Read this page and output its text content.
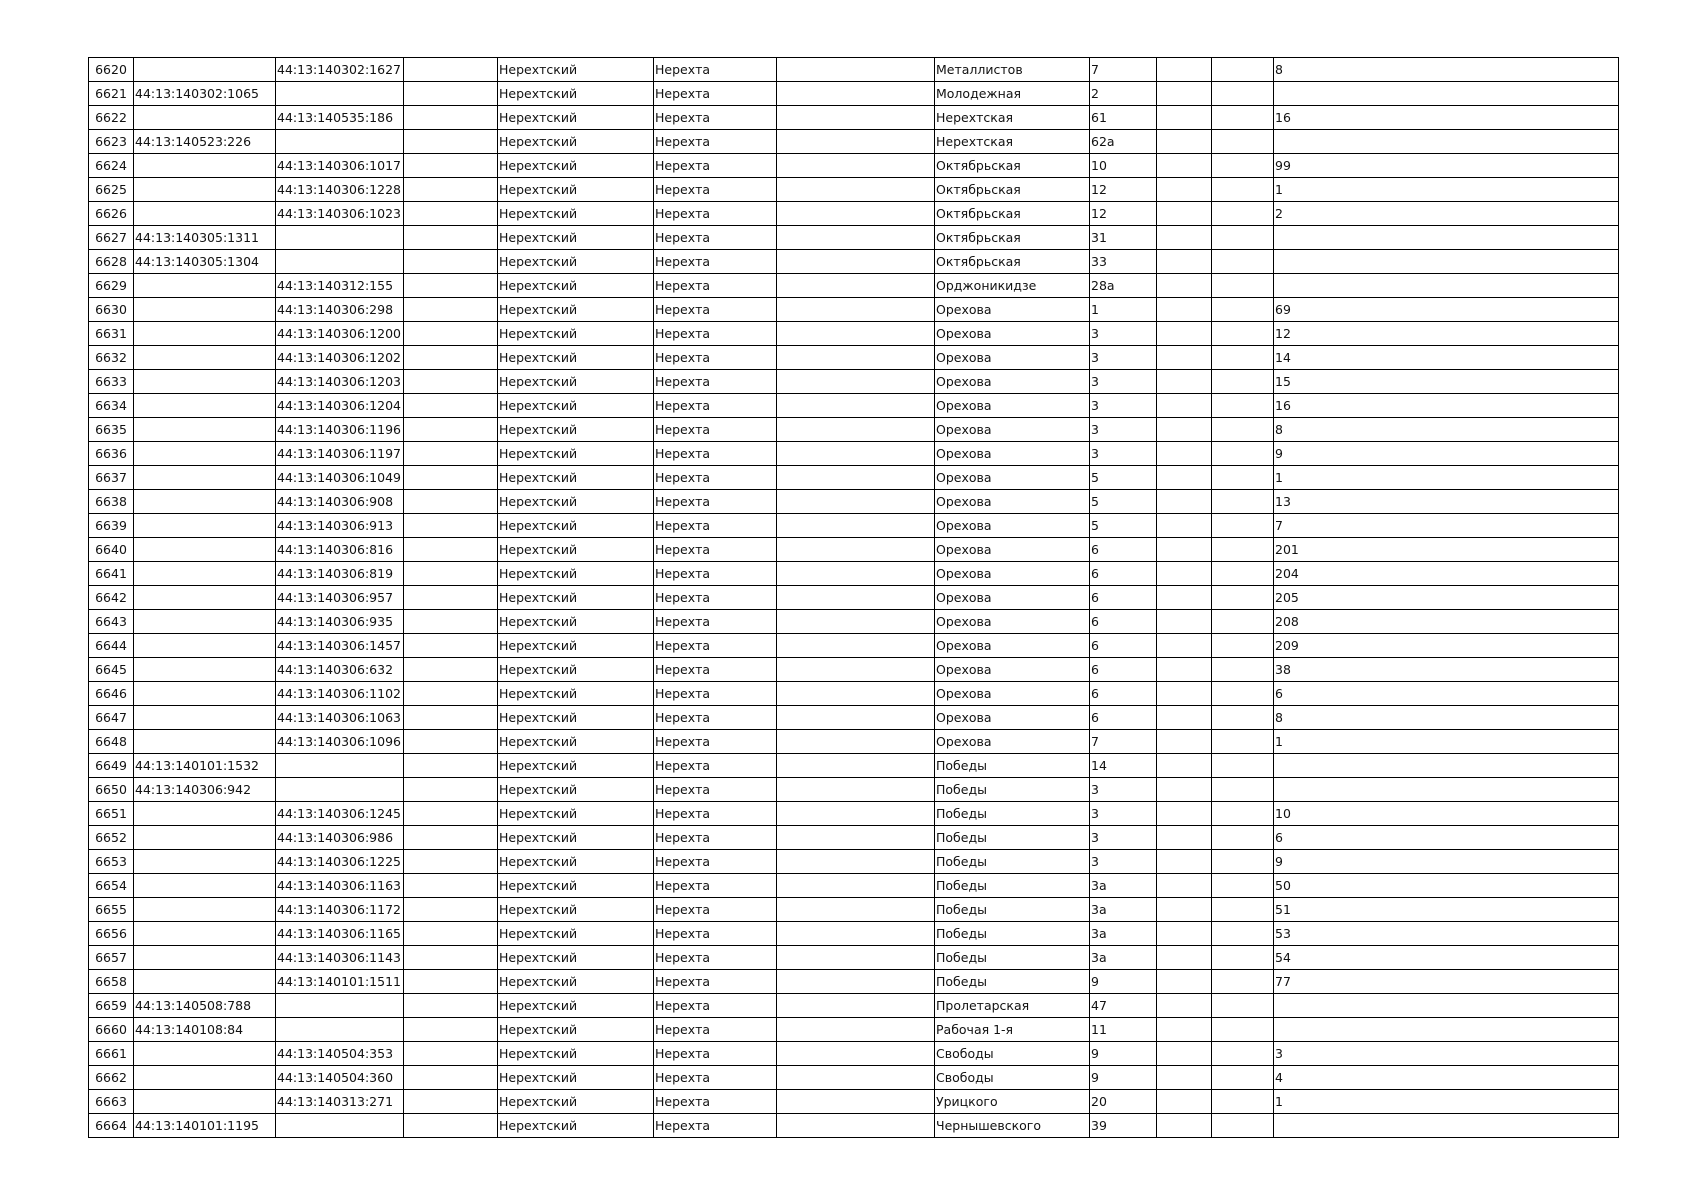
6620		44:13:140302:1627		Нерехтский	Нерехта		Металлистов	7			8
6621	44:13:140302:1065			Нерехтский	Нерехта		Молодежная	2			
6622		44:13:140535:186		Нерехтский	Нерехта		Нерехтская	61			16
6623	44:13:140523:226			Нерехтский	Нерехта		Нерехтская	62а			
6624		44:13:140306:1017		Нерехтский	Нерехта		Октябрьская	10			99
6625		44:13:140306:1228		Нерехтский	Нерехта		Октябрьская	12			1
6626		44:13:140306:1023		Нерехтский	Нерехта		Октябрьская	12			2
6627	44:13:140305:1311			Нерехтский	Нерехта		Октябрьская	31			
6628	44:13:140305:1304			Нерехтский	Нерехта		Октябрьская	33			
6629		44:13:140312:155		Нерехтский	Нерехта		Орджоникидзе	28а			
6630		44:13:140306:298		Нерехтский	Нерехта		Орехова	1			69
6631		44:13:140306:1200		Нерехтский	Нерехта		Орехова	3			12
6632		44:13:140306:1202		Нерехтский	Нерехта		Орехова	3			14
6633		44:13:140306:1203		Нерехтский	Нерехта		Орехова	3			15
6634		44:13:140306:1204		Нерехтский	Нерехта		Орехова	3			16
6635		44:13:140306:1196		Нерехтский	Нерехта		Орехова	3			8
6636		44:13:140306:1197		Нерехтский	Нерехта		Орехова	3			9
6637		44:13:140306:1049		Нерехтский	Нерехта		Орехова	5			1
6638		44:13:140306:908		Нерехтский	Нерехта		Орехова	5			13
6639		44:13:140306:913		Нерехтский	Нерехта		Орехова	5			7
6640		44:13:140306:816		Нерехтский	Нерехта		Орехова	6			201
6641		44:13:140306:819		Нерехтский	Нерехта		Орехова	6			204
6642		44:13:140306:957		Нерехтский	Нерехта		Орехова	6			205
6643		44:13:140306:935		Нерехтский	Нерехта		Орехова	6			208
6644		44:13:140306:1457		Нерехтский	Нерехта		Орехова	6			209
6645		44:13:140306:632		Нерехтский	Нерехта		Орехова	6			38
6646		44:13:140306:1102		Нерехтский	Нерехта		Орехова	6			6
6647		44:13:140306:1063		Нерехтский	Нерехта		Орехова	6			8
6648		44:13:140306:1096		Нерехтский	Нерехта		Орехова	7			1
6649	44:13:140101:1532			Нерехтский	Нерехта		Победы	14			
6650	44:13:140306:942			Нерехтский	Нерехта		Победы	3			
6651		44:13:140306:1245		Нерехтский	Нерехта		Победы	3			10
6652		44:13:140306:986		Нерехтский	Нерехта		Победы	3			6
6653		44:13:140306:1225		Нерехтский	Нерехта		Победы	3			9
6654		44:13:140306:1163		Нерехтский	Нерехта		Победы	3а			50
6655		44:13:140306:1172		Нерехтский	Нерехта		Победы	3а			51
6656		44:13:140306:1165		Нерехтский	Нерехта		Победы	3а			53
6657		44:13:140306:1143		Нерехтский	Нерехта		Победы	3а			54
6658		44:13:140101:1511		Нерехтский	Нерехта		Победы	9			77
6659	44:13:140508:788			Нерехтский	Нерехта		Пролетарская	47			
6660	44:13:140108:84			Нерехтский	Нерехта		Рабочая 1-я	11			
6661		44:13:140504:353		Нерехтский	Нерехта		Свободы	9			3
6662		44:13:140504:360		Нерехтский	Нерехта		Свободы	9			4
6663		44:13:140313:271		Нерехтский	Нерехта		Урицкого	20			1
6664	44:13:140101:1195			Нерехтский	Нерехта		Чернышевского	39			
